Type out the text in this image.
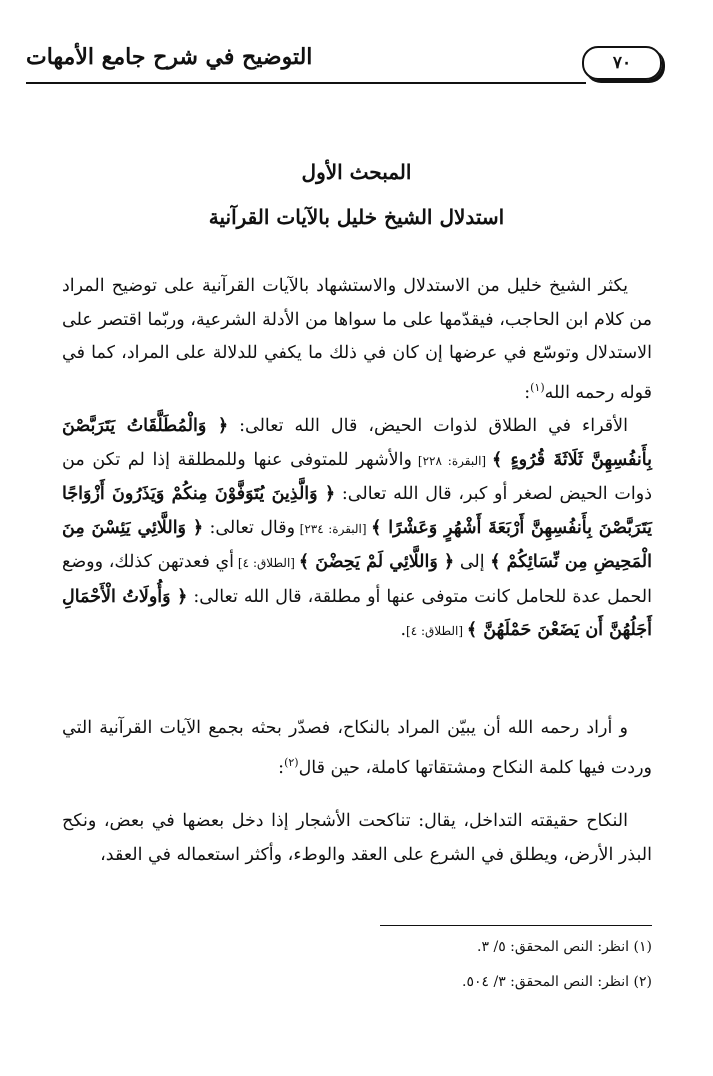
٧٠
التوضيح في شرح جامع الأمهات
المبحث الأول
استدلال الشيخ خليل بالآيات القرآنية

يكثر الشيخ خليل من الاستدلال والاستشهاد بالآيات القرآنية على توضيح المراد من كلام ابن الحاجب، فيقدّمها على ما سواها من الأدلة الشرعية، وربّما اقتصر على الاستدلال وتوسّع في عرضها إن كان في ذلك ما يكفي للدلالة على المراد، كما في قوله رحمه الله$^{(١)}$:

الأقراء في الطلاق لذوات الحيض، قال الله تعالى: ﴿ وَالْمُطَلَّقَاتُ يَتَرَبَّصْنَ بِأَنفُسِهِنَّ ثَلَاثَةَ قُرُوءٍ ﴾ [البقرة: ٢٢٨] والأشهر للمتوفى عنها وللمطلقة إذا لم تكن من ذوات الحيض لصغر أو كبر، قال الله تعالى: ﴿ وَالَّذِينَ يُتَوَفَّوْنَ مِنكُمْ وَيَذَرُونَ أَزْوَاجًا يَتَرَبَّصْنَ بِأَنفُسِهِنَّ أَرْبَعَةَ أَشْهُرٍ وَعَشْرًا ﴾ [البقرة: ٢٣٤] وقال تعالى: ﴿ وَاللَّائِي يَئِسْنَ مِنَ الْمَحِيضِ مِن نِّسَائِكُمْ ﴾ إلى ﴿ وَاللَّائِي لَمْ يَحِضْنَ ﴾ [الطلاق: ٤] أي فعدتهن كذلك، ووضع الحمل عدة للحامل كانت متوفى عنها أو مطلقة، قال الله تعالى: ﴿ وَأُولَاتُ الْأَحْمَالِ أَجَلُهُنَّ أَن يَضَعْنَ حَمْلَهُنَّ ﴾ [الطلاق: ٤].

و أراد رحمه الله أن يبيّن المراد بالنكاح، فصدّر بحثه بجمع الآيات القرآنية التي وردت فيها كلمة النكاح ومشتقاتها كاملة، حين قال$^{(٢)}$:

النكاح حقيقته التداخل، يقال: تناكحت الأشجار إذا دخل بعضها في بعض، ونكح البذر الأرض، ويطلق في الشرع على العقد والوطء، وأكثر استعماله في العقد،

(١) انظر: النص المحقق: ٥/ ٣.
(٢) انظر: النص المحقق: ٣/ ٥٠٤.
